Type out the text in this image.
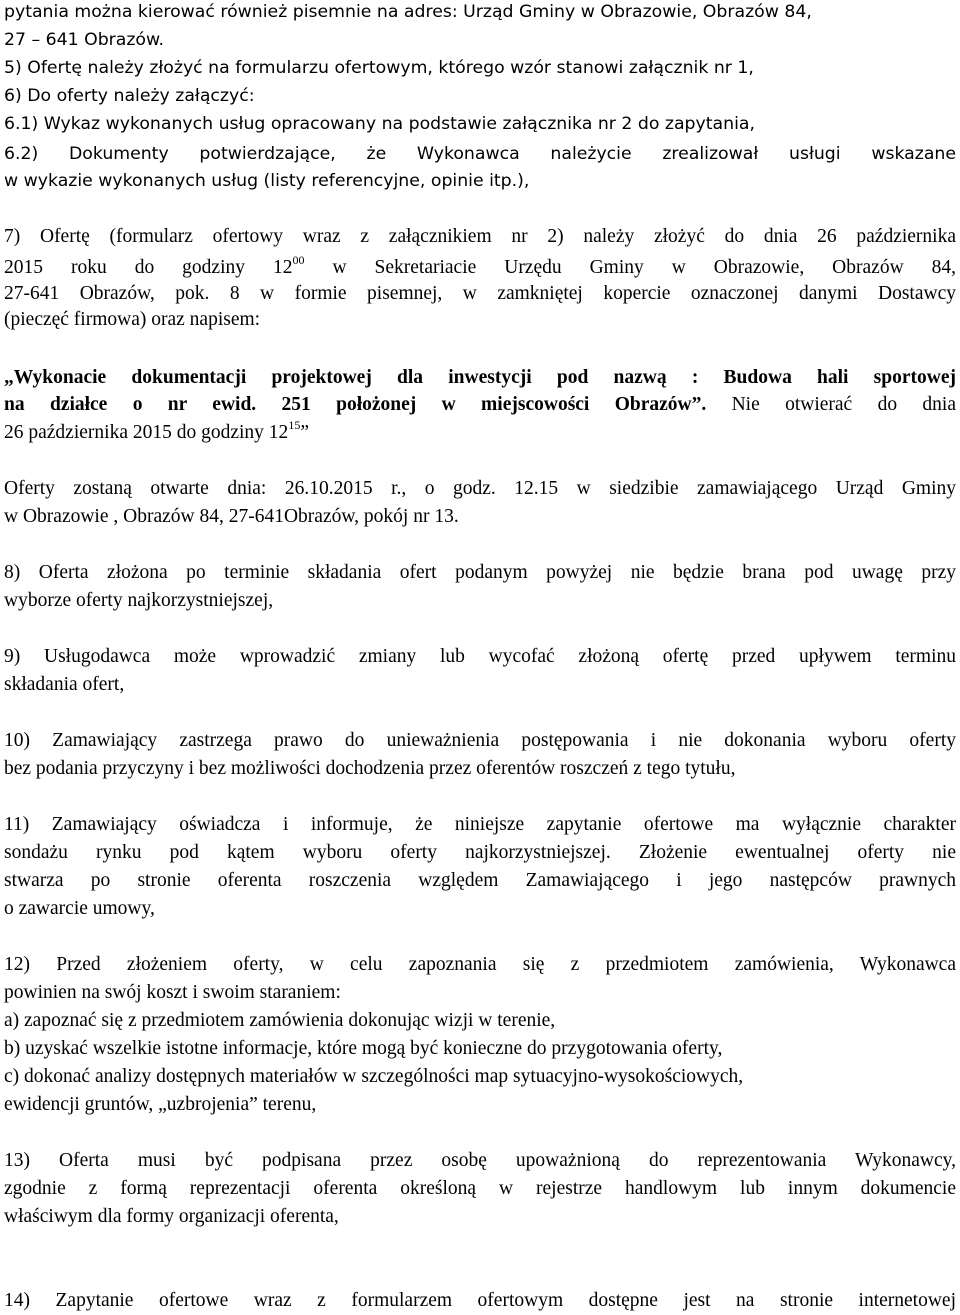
pytania można kierować również pisemnie na adres: Urząd Gminy w Obrazowie, Obrazów 84,
27 – 641 Obrazów.
5) Ofertę należy złożyć na formularzu ofertowym, którego wzór stanowi załącznik nr 1,
6) Do oferty należy załączyć:
6.1) Wykaz wykonanych usług opracowany na podstawie załącznika nr 2 do zapytania,
6.2) Dokumenty potwierdzające, że Wykonawca należycie zrealizował usługi wskazane
w wykazie wykonanych usług (listy referencyjne, opinie itp.),
7) Ofertę (formularz ofertowy wraz z załącznikiem nr 2) należy złożyć do dnia 26 października
2015 roku do godziny $12^{00}$ w Sekretariacie Urzędu Gminy w Obrazowie, Obrazów 84,
27-641 Obrazów, pok. 8 w formie pisemnej, w zamkniętej kopercie oznaczonej danymi Dostawcy
(pieczęć firmowa) oraz napisem:
„Wykonacie dokumentacji projektowej dla inwestycji pod nazwą : Budowa hali sportowej
na działce o nr ewid. 251 położonej w miejscowości Obrazów”. Nie otwierać do dnia
26 października 2015 do godziny $12^{15}$”
Oferty zostaną otwarte dnia: 26.10.2015 r., o godz. 12.15 w siedzibie zamawiającego Urząd Gminy
w Obrazowie , Obrazów 84, 27-641Obrazów, pokój nr 13.
8) Oferta złożona po terminie składania ofert podanym powyżej nie będzie brana pod uwagę przy
wyborze oferty najkorzystniejszej,
9) Usługodawca może wprowadzić zmiany lub wycofać złożoną ofertę przed upływem terminu
składania ofert,
10) Zamawiający zastrzega prawo do unieważnienia postępowania i nie dokonania wyboru oferty
bez podania przyczyny i bez możliwości dochodzenia przez oferentów roszczeń z tego tytułu,
11) Zamawiający oświadcza i informuje, że niniejsze zapytanie ofertowe ma wyłącznie charakter
sondażu rynku pod kątem wyboru oferty najkorzystniejszej. Złożenie ewentualnej oferty nie
stwarza po stronie oferenta roszczenia względem Zamawiającego i jego następców prawnych
o zawarcie umowy,
12) Przed złożeniem oferty, w celu zapoznania się z przedmiotem zamówienia, Wykonawca
powinien na swój koszt i swoim staraniem:
a) zapoznać się z przedmiotem zamówienia dokonując wizji w terenie,
b) uzyskać wszelkie istotne informacje, które mogą być konieczne do przygotowania oferty,
c) dokonać analizy dostępnych materiałów w szczególności map sytuacyjno-wysokościowych,
ewidencji gruntów, „uzbrojenia” terenu,
13) Oferta musi być podpisana przez osobę upoważnioną do reprezentowania Wykonawcy,
zgodnie z formą reprezentacji oferenta określoną w rejestrze handlowym lub innym dokumencie
właściwym dla formy organizacji oferenta,
14) Zapytanie ofertowe wraz z formularzem ofertowym dostępne jest na stronie internetowej
